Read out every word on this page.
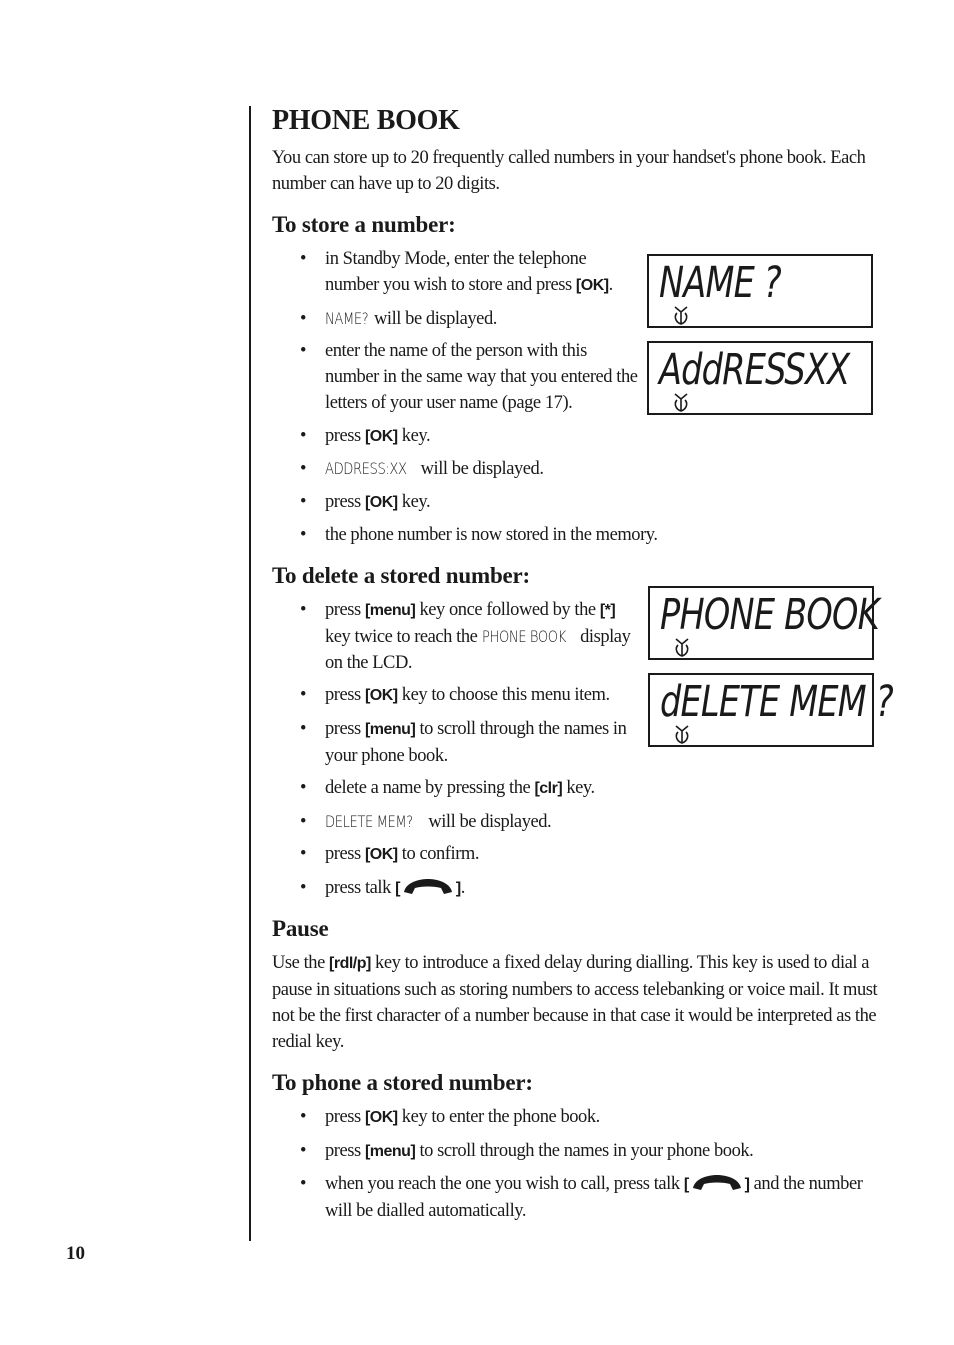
PHONE BOOK

You can store up to 20 frequently called numbers in your handset's phone book. Each number can have up to 20 digits.

To store a number:
• in Standby Mode, enter the telephone number you wish to store and press [OK].
• NAME? will be displayed.
• enter the name of the person with this number in the same way that you entered the letters of your user name (page 17).
• press [OK] key.
• ADDRESS:XX will be displayed.
• press [OK] key.
• the phone number is now stored in the memory.
To delete a stored number:
• press [menu] key once followed by the [*] key twice to reach the PHONE BOOK display on the LCD.
• press [OK] key to choose this menu item.
• press [menu] to scroll through the names in your phone book.
• delete a name by pressing the [clr] key.
• DELETE MEM? will be displayed.
• press [OK] to confirm.
• press talk [	].
Pause

Use the [rdl/p] key to introduce a fixed delay during dialling. This key is used to dial a pause in situations such as storing numbers to access telebanking or voice mail. It must not be the first character of a number because in that case it would be interpreted as the redial key.

To phone a stored number:
• press [OK] key to enter the phone book.
• press [menu] to scroll through the names in your phone book.
• when you reach the one you wish to call, press talk [	] and the number will be dialled automatically.
NAME ?
AddRESSXX
PHONE BOOK
dELETE MEM ?
10
